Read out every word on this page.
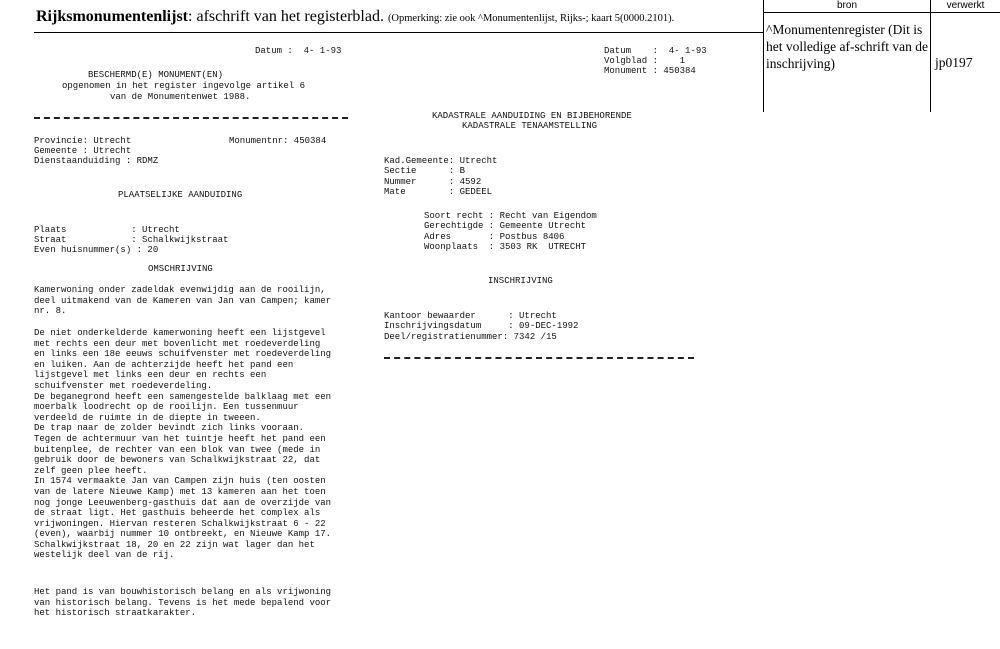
Rijksmonumentenlijst: afschrift van het registerblad. (Opmerking: zie ook ^Monumentenlijst, Rijks-; kaart 5(0000.2101).
bron	verwerkt
^Monumentenregister (Dit is het volledige af-schrift van de inschrijving)	jp0197
Datum :  4- 1-93
BESCHERMD(E) MONUMENT(EN)
opgenomen in het register ingevolge artikel 6
van de Monumentenwet 1988.
Provincie: Utrecht	Monumentnr: 450384
Gemeente : Utrecht
Dienstaanduiding : RDMZ
PLAATSELIJKE AANDUIDING
Plaats            : Utrecht
Straat            : Schalkwijkstraat
Even huisnummer(s) : 20
OMSCHRIJVING
Kamerwoning onder zadeldak evenwijdig aan de rooilijn,
deel uitmakend van de Kameren van Jan van Campen; kamer
nr. 8.
De niet onderkelderde kamerwoning heeft een lijstgevel
met rechts een deur met bovenlicht met roedeverdeling
en links een 18e eeuws schuifvenster met roedeverdeling
en luiken. Aan de achterzijde heeft het pand een
lijstgevel met links een deur en rechts een
schuifvenster met roedeverdeling.
De beganegrond heeft een samengestelde balklaag met een
moerbalk loodrecht op de rooilijn. Een tussenmuur
verdeeld de ruimte in de diepte in tweeen.
De trap naar de zolder bevindt zich links vooraan.
Tegen de achtermuur van het tuintje heeft het pand een
buitenplee, de rechter van een blok van twee (mede in
gebruik door de bewoners van Schalkwijkstraat 22, dat
zelf geen plee heeft.
In 1574 vermaakte Jan van Campen zijn huis (ten oosten
van de latere Nieuwe Kamp) met 13 kameren aan het toen
nog jonge Leeuwenberg-gasthuis dat aan de overzijde van
de straat ligt. Het gasthuis beheerde het complex als
vrijwoningen. Hiervan resteren Schalkwijkstraat 6 - 22
(even), waarbij nummer 10 ontbreekt, en Nieuwe Kamp 17.
Schalkwijkstraat 18, 20 en 22 zijn wat lager dan het
westelijk deel van de rij.
Het pand is van bouwhistorisch belang en als vrijwoning
van historisch belang. Tevens is het mede bepalend voor
het historisch straatkarakter.
Datum    :  4- 1-93
Volgblad :    1
Monument : 450384
KADASTRALE AANDUIDING EN BIJBEHORENDE
KADASTRALE TENAAMSTELLING
Kad.Gemeente: Utrecht
Sectie      : B
Nummer      : 4592
Mate        : GEDEEL
Soort recht : Recht van Eigendom
Gerechtigde : Gemeente Utrecht
Adres       : Postbus 8406
Woonplaats  : 3503 RK  UTRECHT
INSCHRIJVING
Kantoor bewaarder      : Utrecht
Inschrijvingsdatum     : 09-DEC-1992
Deel/registratienummer: 7342 /15
